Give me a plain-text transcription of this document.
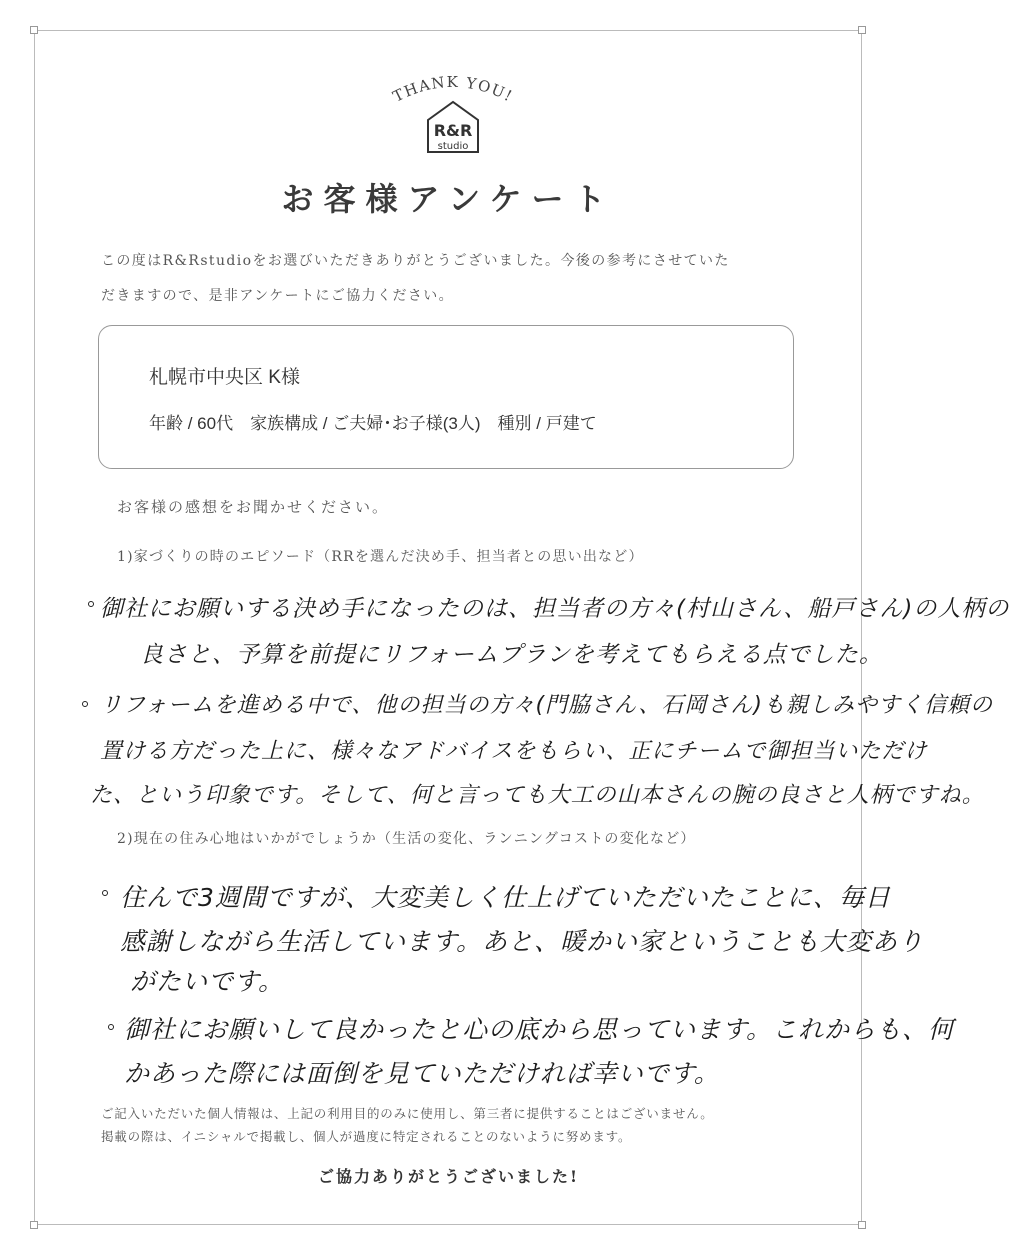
THANK YOU!
R&R
studio
お客様アンケート
この度はR&Rstudioをお選びいただきありがとうございました。今後の参考にさせていた
だきますので、是非アンケートにご協力ください。
札幌市中央区 K様
年齢 / 60代　家族構成 / ご夫婦･お子様(3人)　種別 / 戸建て
お客様の感想をお聞かせください。
1)家づくりの時のエピソード（RRを選んだ決め手、担当者との思い出など）
御社にお願いする決め手になったのは、担当者の方々(村山さん、船戸さん)の人柄の
良さと、予算を前提にリフォームプランを考えてもらえる点でした。
リフォームを進める中で、他の担当の方々(門脇さん、石岡さん)も親しみやすく信頼の
置ける方だった上に、様々なアドバイスをもらい、正にチームで御担当いただけ
た、という印象です。そして、何と言っても大工の山本さんの腕の良さと人柄ですね。
2)現在の住み心地はいかがでしょうか（生活の変化、ランニングコストの変化など）
住んで3週間ですが、大変美しく仕上げていただいたことに、毎日
感謝しながら生活しています。あと、暖かい家ということも大変あり
がたいです。
御社にお願いして良かったと心の底から思っています。これからも、何
かあった際には面倒を見ていただければ幸いです。
ご記入いただいた個人情報は、上記の利用目的のみに使用し、第三者に提供することはございません。
掲載の際は、イニシャルで掲載し、個人が過度に特定されることのないように努めます。
ご協力ありがとうございました!
